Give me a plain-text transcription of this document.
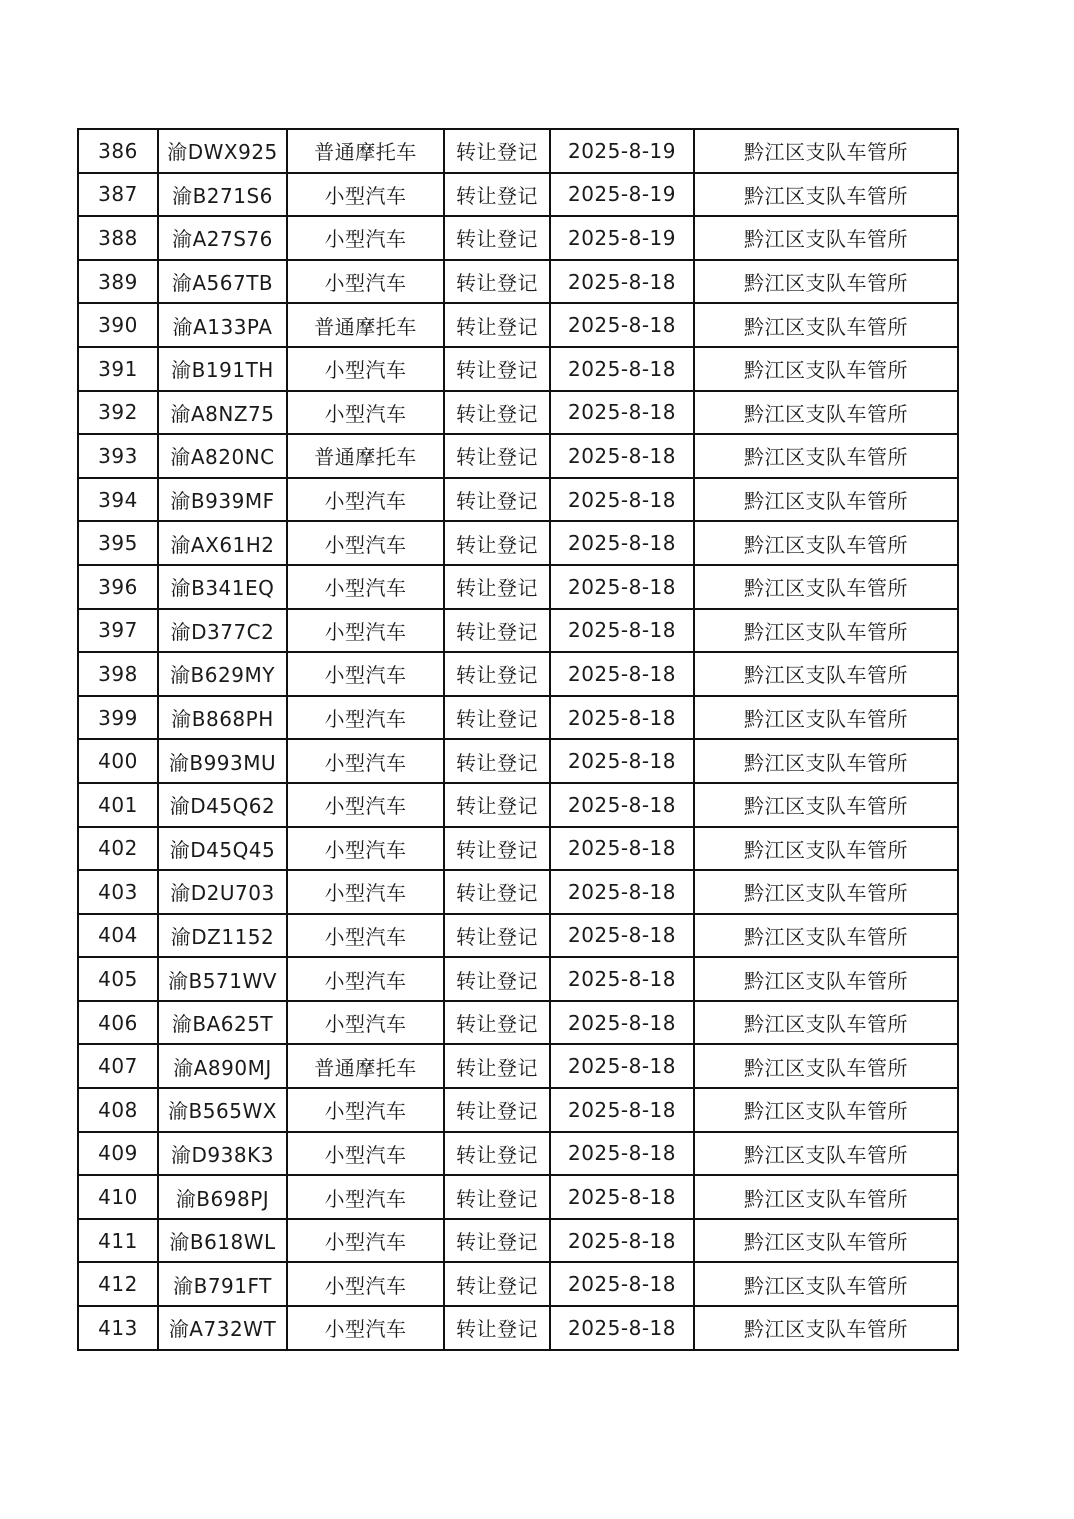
386	渝DWX925	普通摩托车	转让登记	2025-8-19	黔江区支队车管所
387	渝B271S6	小型汽车	转让登记	2025-8-19	黔江区支队车管所
388	渝A27S76	小型汽车	转让登记	2025-8-19	黔江区支队车管所
389	渝A567TB	小型汽车	转让登记	2025-8-18	黔江区支队车管所
390	渝A133PA	普通摩托车	转让登记	2025-8-18	黔江区支队车管所
391	渝B191TH	小型汽车	转让登记	2025-8-18	黔江区支队车管所
392	渝A8NZ75	小型汽车	转让登记	2025-8-18	黔江区支队车管所
393	渝A820NC	普通摩托车	转让登记	2025-8-18	黔江区支队车管所
394	渝B939MF	小型汽车	转让登记	2025-8-18	黔江区支队车管所
395	渝AX61H2	小型汽车	转让登记	2025-8-18	黔江区支队车管所
396	渝B341EQ	小型汽车	转让登记	2025-8-18	黔江区支队车管所
397	渝D377C2	小型汽车	转让登记	2025-8-18	黔江区支队车管所
398	渝B629MY	小型汽车	转让登记	2025-8-18	黔江区支队车管所
399	渝B868PH	小型汽车	转让登记	2025-8-18	黔江区支队车管所
400	渝B993MU	小型汽车	转让登记	2025-8-18	黔江区支队车管所
401	渝D45Q62	小型汽车	转让登记	2025-8-18	黔江区支队车管所
402	渝D45Q45	小型汽车	转让登记	2025-8-18	黔江区支队车管所
403	渝D2U703	小型汽车	转让登记	2025-8-18	黔江区支队车管所
404	渝DZ1152	小型汽车	转让登记	2025-8-18	黔江区支队车管所
405	渝B571WV	小型汽车	转让登记	2025-8-18	黔江区支队车管所
406	渝BA625T	小型汽车	转让登记	2025-8-18	黔江区支队车管所
407	渝A890MJ	普通摩托车	转让登记	2025-8-18	黔江区支队车管所
408	渝B565WX	小型汽车	转让登记	2025-8-18	黔江区支队车管所
409	渝D938K3	小型汽车	转让登记	2025-8-18	黔江区支队车管所
410	渝B698PJ	小型汽车	转让登记	2025-8-18	黔江区支队车管所
411	渝B618WL	小型汽车	转让登记	2025-8-18	黔江区支队车管所
412	渝B791FT	小型汽车	转让登记	2025-8-18	黔江区支队车管所
413	渝A732WT	小型汽车	转让登记	2025-8-18	黔江区支队车管所
